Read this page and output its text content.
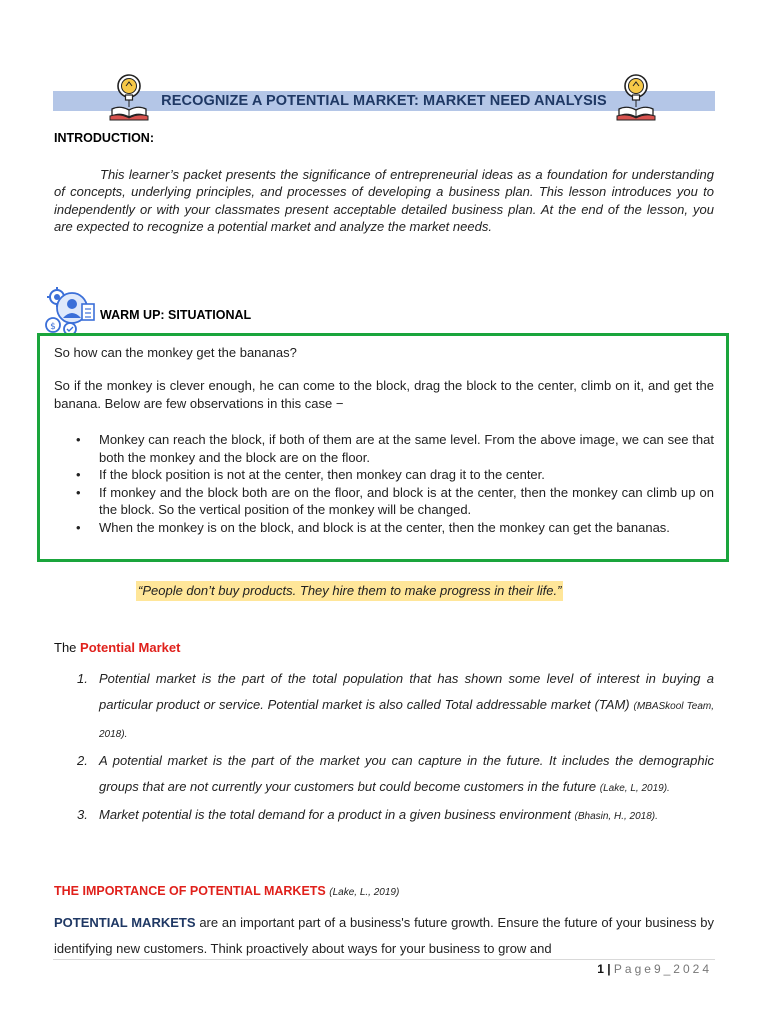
RECOGNIZE A POTENTIAL MARKET: MARKET NEED ANALYSIS
INTRODUCTION:

This learner’s packet presents the significance of entrepreneurial ideas as a foundation for understanding of concepts, underlying principles, and processes of developing a business plan. This lesson introduces you to independently or with your classmates present acceptable detailed business plan. At the end of the lesson, you are expected to recognize a potential market and analyze the market needs.

$
WARM UP: SITUATIONAL

So how can the monkey get the bananas?

So if the monkey is clever enough, he can come to the block, drag the block to the center, climb on it, and get the banana. Below are few observations in this case −

• Monkey can reach the block, if both of them are at the same level. From the above image, we can see that both the monkey and the block are on the floor.
• If the block position is not at the center, then monkey can drag it to the center.
• If monkey and the block both are on the floor, and block is at the center, then the monkey can climb up on the block. So the vertical position of the monkey will be changed.
• When the monkey is on the block, and block is at the center, then the monkey can get the bananas.
“People don’t buy products. They hire them to make progress in their life.”
The Potential Market
1. Potential market is the part of the total population that has shown some level of interest in buying a particular product or service. Potential market is also called Total addressable market (TAM) (MBASkool Team, 2018).
2. A potential market is the part of the market you can capture in the future. It includes the demographic groups that are not currently your customers but could become customers in the future (Lake, L, 2019).
3. Market potential is the total demand for a product in a given business environment (Bhasin, H., 2018).
THE IMPORTANCE OF POTENTIAL MARKETS (Lake, L., 2019)

POTENTIAL MARKETS are an important part of a business's future growth. Ensure the future of your business by identifying new customers. Think proactively about ways for your business to grow and

1 | Page9_2024
